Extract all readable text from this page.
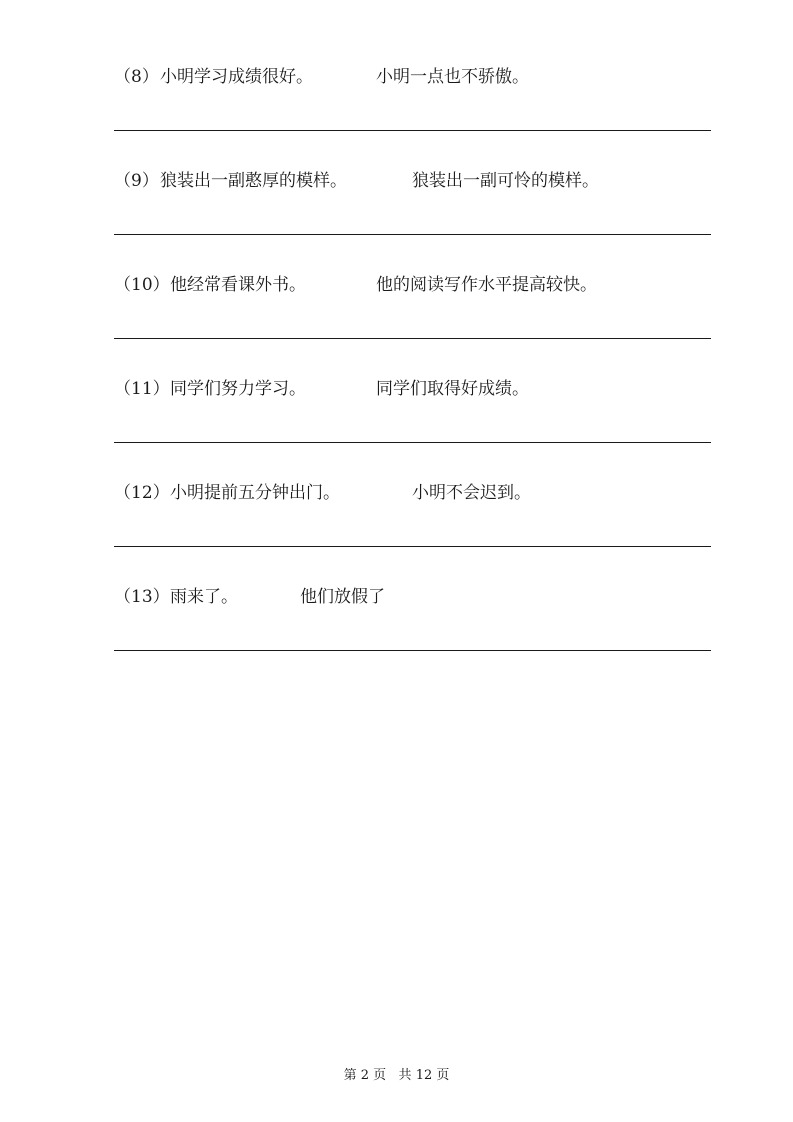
（8） 小明学习成绩很好。	小明一点也不骄傲。
（9） 狼装出一副憨厚的模样。	狼装出一副可怜的模样。
（10） 他经常看课外书。	他的阅读写作水平提高较快。
（11） 同学们努力学习。	同学们取得好成绩。
（12） 小明提前五分钟出门。	小明不会迟到。
（13） 雨来了。	他们放假了
第 2 页   共 12 页
